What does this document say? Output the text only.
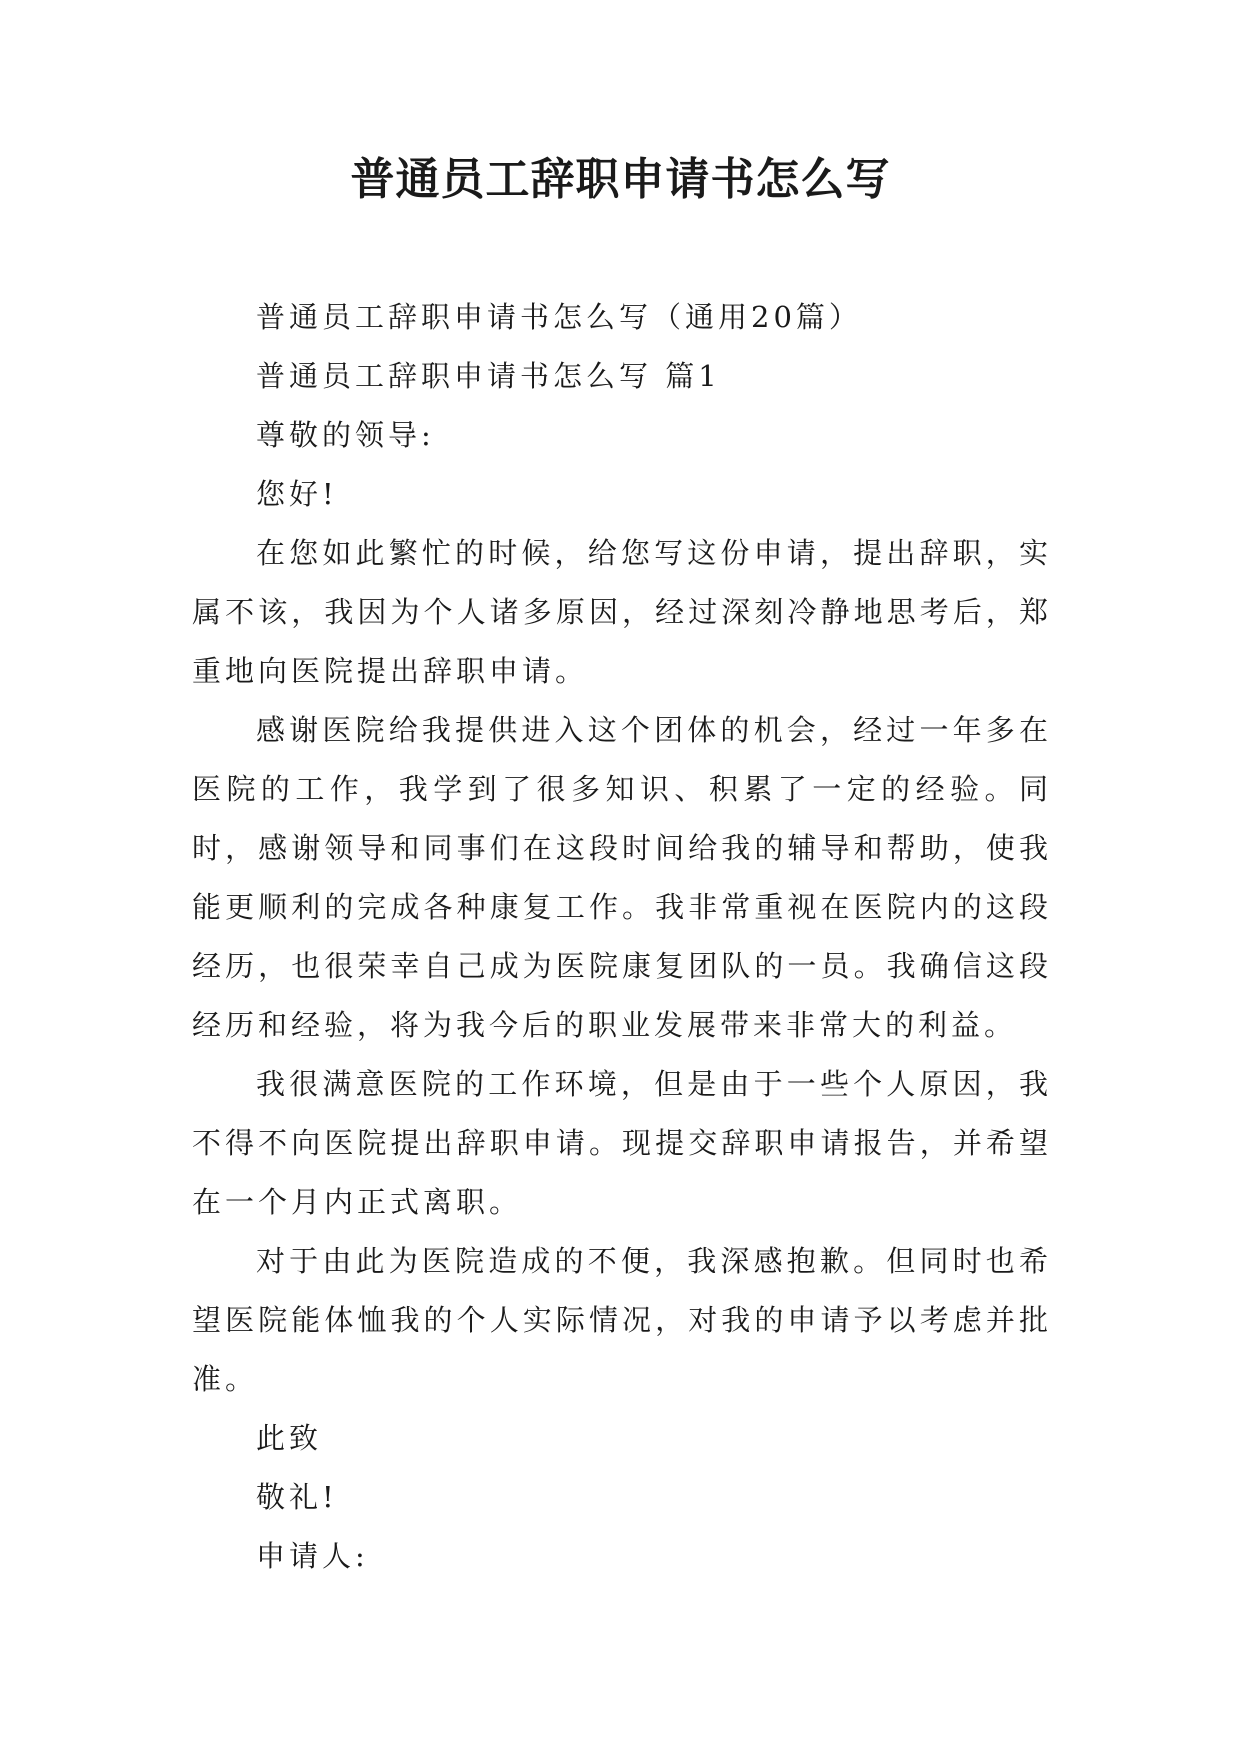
普通员工辞职申请书怎么写

普通员工辞职申请书怎么写（通用20篇）

普通员工辞职申请书怎么写 篇1

尊敬的领导:

您好!

在您如此繁忙的时候，给您写这份申请，提出辞职，实属不该，我因为个人诸多原因，经过深刻冷静地思考后，郑重地向医院提出辞职申请。

感谢医院给我提供进入这个团体的机会，经过一年多在医院的工作，我学到了很多知识、积累了一定的经验。同时，感谢领导和同事们在这段时间给我的辅导和帮助，使我能更顺利的完成各种康复工作。我非常重视在医院内的这段经历，也很荣幸自己成为医院康复团队的一员。我确信这段经历和经验，将为我今后的职业发展带来非常大的利益。

我很满意医院的工作环境，但是由于一些个人原因，我不得不向医院提出辞职申请。现提交辞职申请报告，并希望在一个月内正式离职。

对于由此为医院造成的不便，我深感抱歉。但同时也希望医院能体恤我的个人实际情况，对我的申请予以考虑并批准。

此致

敬礼!

申请人:
